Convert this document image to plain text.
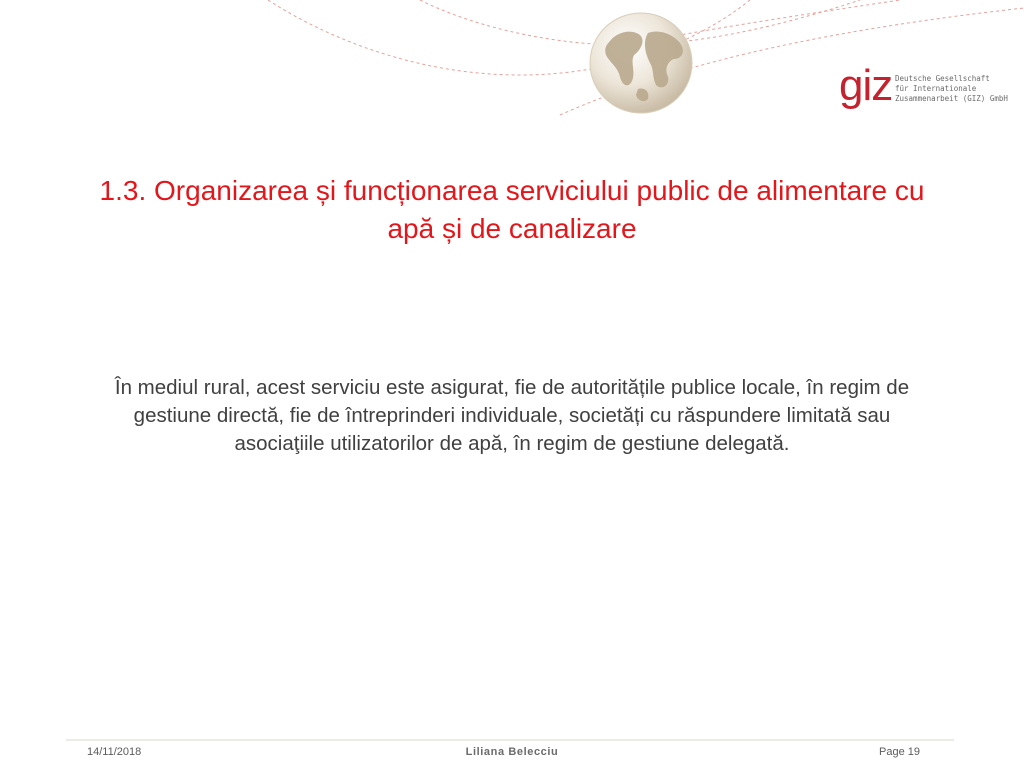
giz Deutsche Gesellschaft
für Internationale
Zusammenarbeit (GIZ) GmbH
1.3. Organizarea și funcționarea serviciului public de alimentare cu apă și de canalizare

În mediul rural, acest serviciu este asigurat, fie de autoritățile publice locale, în regim de gestiune directă, fie de întreprinderi individuale, societăți cu răspundere limitată sau asociaţiile utilizatorilor de apă, în regim de gestiune delegată.

14/11/2018	Liliana Belecciu	Page 19
